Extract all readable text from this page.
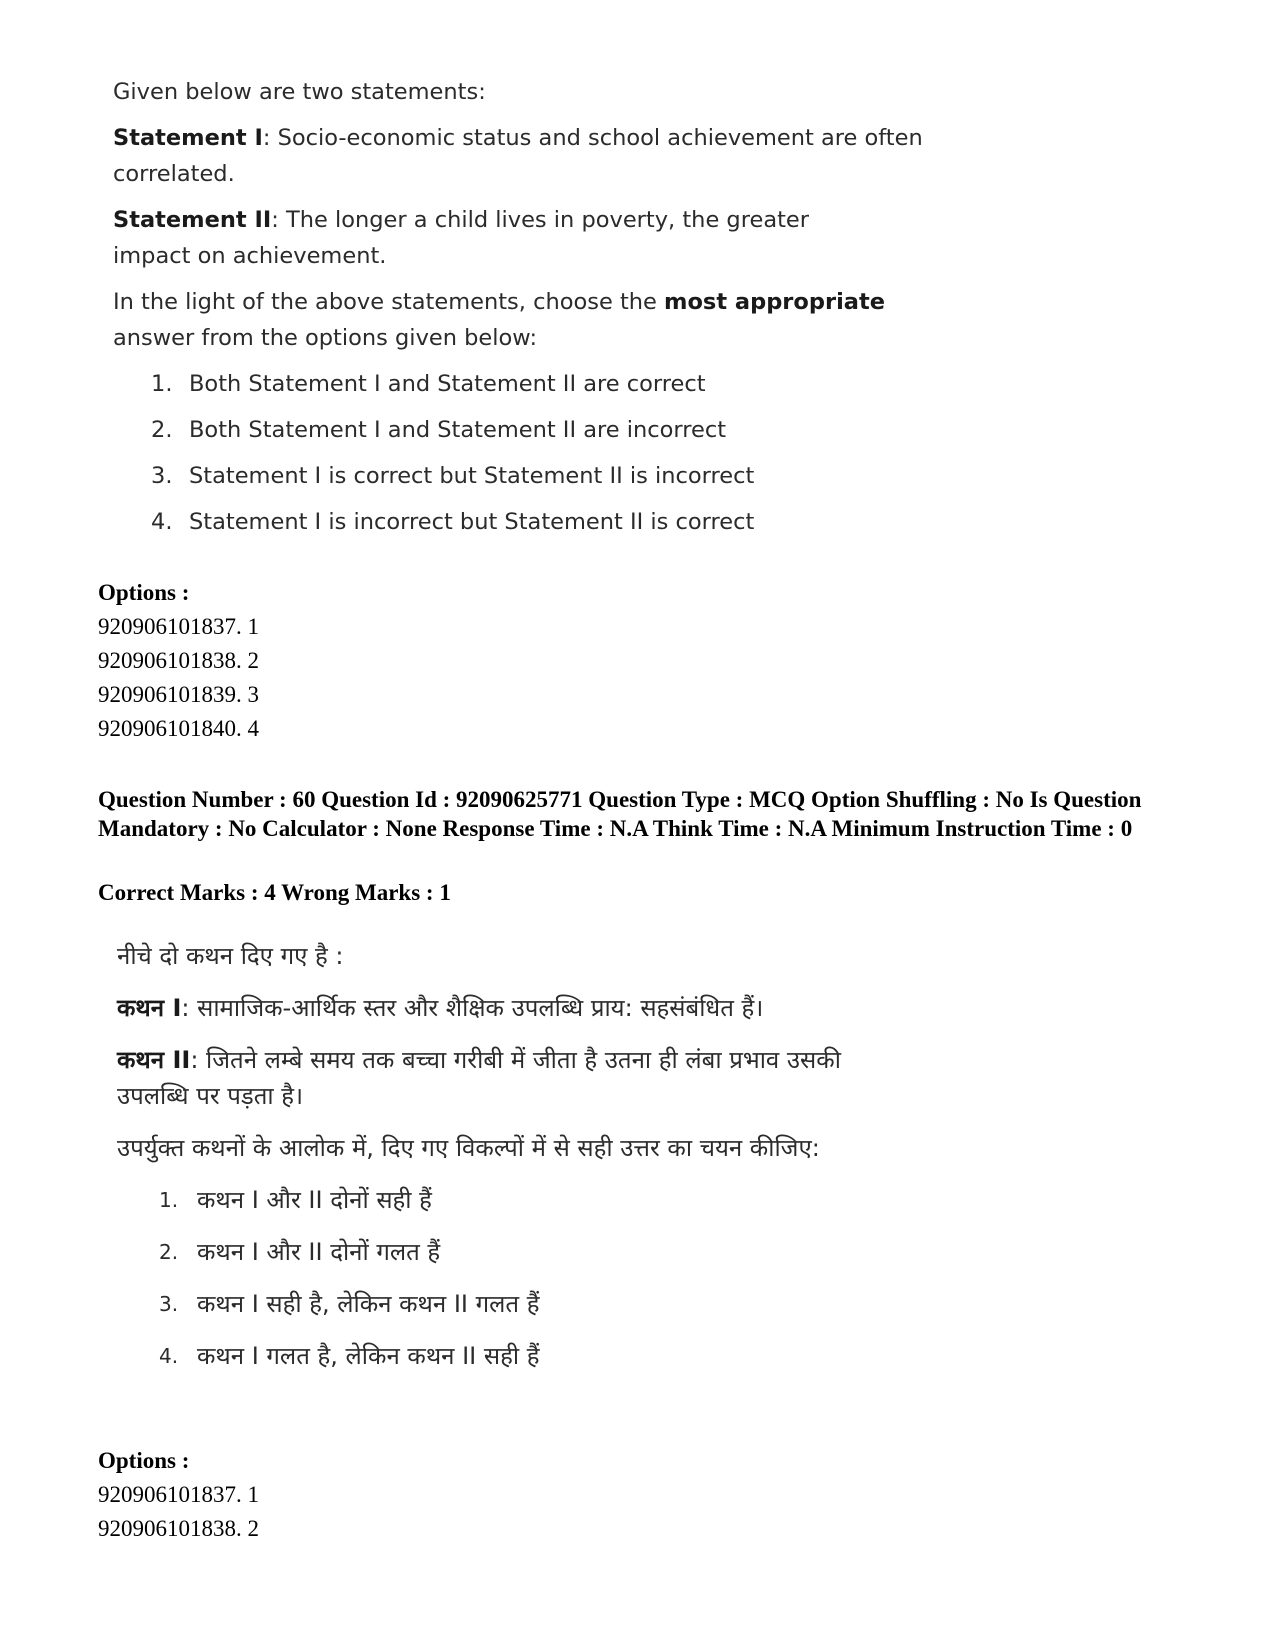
Given below are two statements:

Statement I: Socio-economic status and school achievement are often correlated.

Statement II: The longer a child lives in poverty, the greater impact on achievement.

In the light of the above statements, choose the most appropriate answer from the options given below:

1. Both Statement I and Statement II are correct
2. Both Statement I and Statement II are incorrect
3. Statement I is correct but Statement II is incorrect
4. Statement I is incorrect but Statement II is correct
Options :
920906101837. 1
920906101838. 2
920906101839. 3
920906101840. 4
Question Number : 60 Question Id : 92090625771 Question Type : MCQ Option Shuffling : No Is Question Mandatory : No Calculator : None Response Time : N.A Think Time : N.A Minimum Instruction Time : 0
Correct Marks : 4 Wrong Marks : 1

नीचे दो कथन दिए गए है :

कथन I: सामाजिक-आर्थिक स्तर और शैक्षिक उपलब्धि प्राय: सहसंबंधित हैं।

कथन II: जितने लम्बे समय तक बच्चा गरीबी में जीता है उतना ही लंबा प्रभाव उसकी उपलब्धि पर पड़ता है।

उपर्युक्त कथनों के आलोक में, दिए गए विकल्पों में से सही उत्तर का चयन कीजिए:

1. कथन I और II दोनों सही हैं
2. कथन I और II दोनों गलत हैं
3. कथन I सही है, लेकिन कथन II गलत हैं
4. कथन I गलत है, लेकिन कथन II सही हैं
Options :
920906101837. 1
920906101838. 2
